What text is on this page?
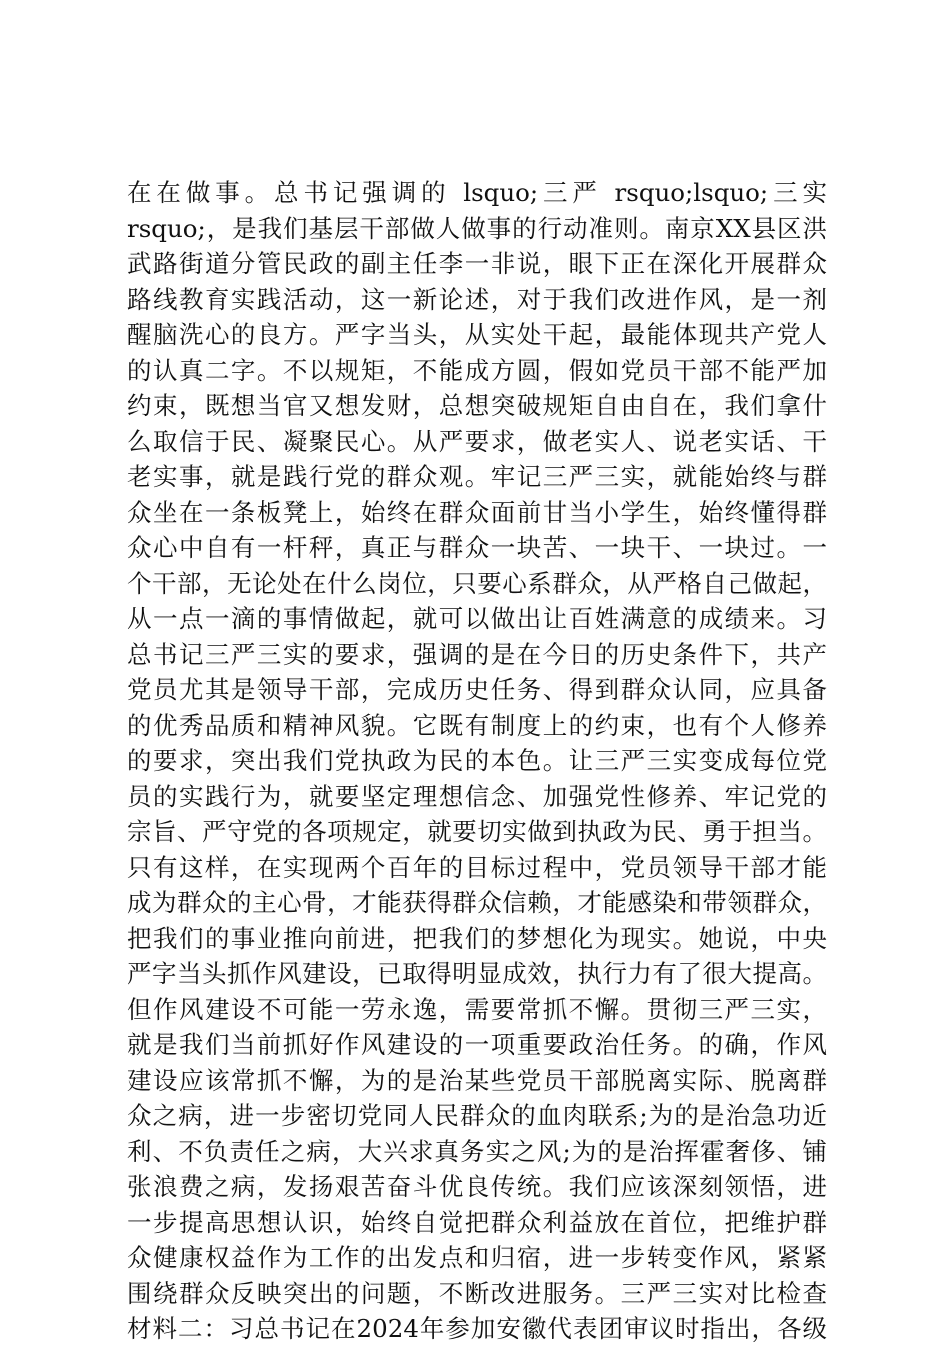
在在做事。总书记强调的 lsquo;三严 rsquo;lsquo;三实
rsquo;，是我们基层干部做人做事的行动准则。南京XX县区洪
武路街道分管民政的副主任李一非说，眼下正在深化开展群众
路线教育实践活动，这一新论述，对于我们改进作风，是一剂
醒脑洗心的良方。严字当头，从实处干起，最能体现共产党人
的认真二字。不以规矩，不能成方圆，假如党员干部不能严加
约束，既想当官又想发财，总想突破规矩自由自在，我们拿什
么取信于民、凝聚民心。从严要求，做老实人、说老实话、干
老实事，就是践行党的群众观。牢记三严三实，就能始终与群
众坐在一条板凳上，始终在群众面前甘当小学生，始终懂得群
众心中自有一杆秤，真正与群众一块苦、一块干、一块过。一
个干部，无论处在什么岗位，只要心系群众，从严格自己做起，
从一点一滴的事情做起，就可以做出让百姓满意的成绩来。习
总书记三严三实的要求，强调的是在今日的历史条件下，共产
党员尤其是领导干部，完成历史任务、得到群众认同，应具备
的优秀品质和精神风貌。它既有制度上的约束，也有个人修养
的要求，突出我们党执政为民的本色。让三严三实变成每位党
员的实践行为，就要坚定理想信念、加强党性修养、牢记党的
宗旨、严守党的各项规定，就要切实做到执政为民、勇于担当。
只有这样，在实现两个百年的目标过程中，党员领导干部才能
成为群众的主心骨，才能获得群众信赖，才能感染和带领群众，
把我们的事业推向前进，把我们的梦想化为现实。她说，中央
严字当头抓作风建设，已取得明显成效，执行力有了很大提高。
但作风建设不可能一劳永逸，需要常抓不懈。贯彻三严三实，
就是我们当前抓好作风建设的一项重要政治任务。的确，作风
建设应该常抓不懈，为的是治某些党员干部脱离实际、脱离群
众之病，进一步密切党同人民群众的血肉联系;为的是治急功近
利、不负责任之病，大兴求真务实之风;为的是治挥霍奢侈、铺
张浪费之病，发扬艰苦奋斗优良传统。我们应该深刻领悟，进
一步提高思想认识，始终自觉把群众利益放在首位，把维护群
众健康权益作为工作的出发点和归宿，进一步转变作风，紧紧
围绕群众反映突出的问题，不断改进服务。三严三实对比检查
材料二：习总书记在2024年参加安徽代表团审议时指出，各级
